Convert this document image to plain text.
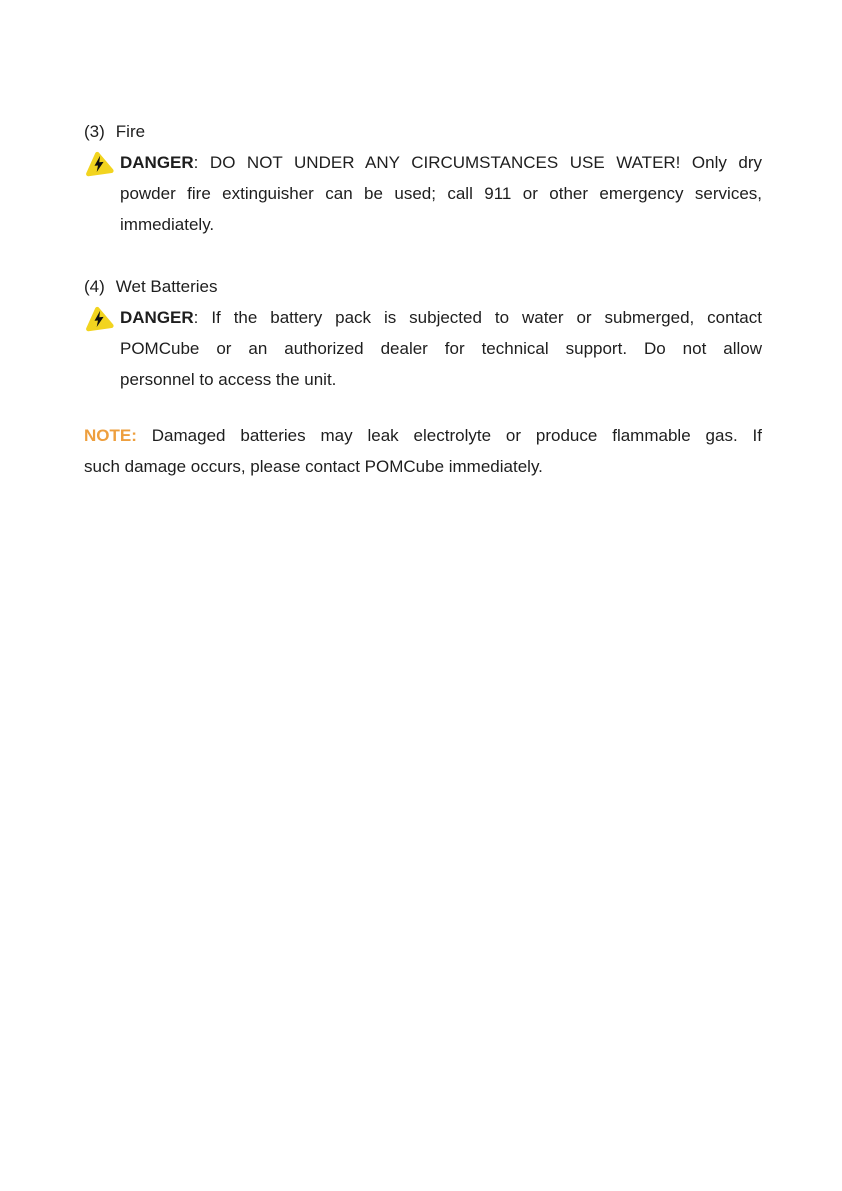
(3) Fire
DANGER: DO NOT UNDER ANY CIRCUMSTANCES USE WATER! Only dry
powder fire extinguisher can be used; call 911 or other emergency services,
immediately.
(4) Wet Batteries
DANGER: If the battery pack is subjected to water or submerged, contact
POMCube or an authorized dealer for technical support. Do not allow
personnel to access the unit.
NOTE: Damaged batteries may leak electrolyte or produce flammable gas. If
such damage occurs, please contact POMCube immediately.
